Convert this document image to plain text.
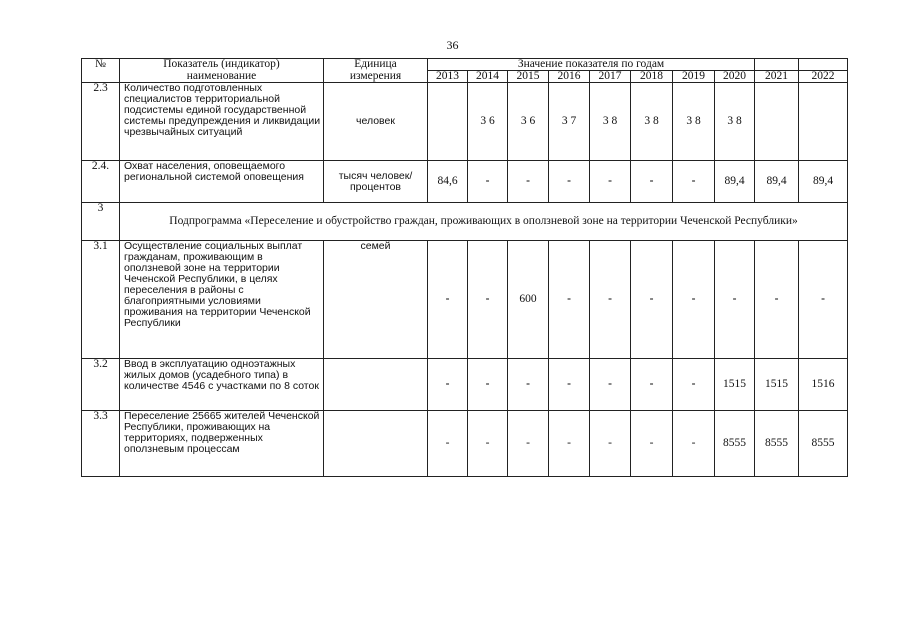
36
№	Показатель (индикатор)	Единица	Значение показателя по годам									
	наименование	измерения	2013	2014	2015	2016	2017	2018	2019	2020	2021	2022
2.3	Количество подготовленных специалистов территориальной подсистемы единой государственной системы предупреждения и ликвидации чрезвычайных ситуаций	человек		3 6	3 6	3 7	3 8	3 8	3 8	3 8		
2.4.	Охват населения, оповещаемого региональной системой оповещения	тысяч человек/ процентов	84,6	-	-	-	-	-	-	89,4	89,4	89,4
3	Подпрограмма «Переселение и обустройство граждан, проживающих в оползневой зоне на территории Чеченской Республики»											
3.1	Осуществление социальных выплат гражданам, проживающим в оползневой зоне на территории Чеченской Республики, в целях переселения в районы с благоприятными условиями проживания на территории Чеченской Республики	семей	-	-	600	-	-	-	-	-	-	-
3.2	Ввод в эксплуатацию одноэтажных жилых домов (усадебного типа) в количестве 4546 с участками по 8 соток		-	-	-	-	-	-	-	1515	1515	1516
3.3	Переселение 25665 жителей Чеченской Республики, проживающих на территориях, подверженных оползневым процессам		-	-	-	-	-	-	-	8555	8555	8555
